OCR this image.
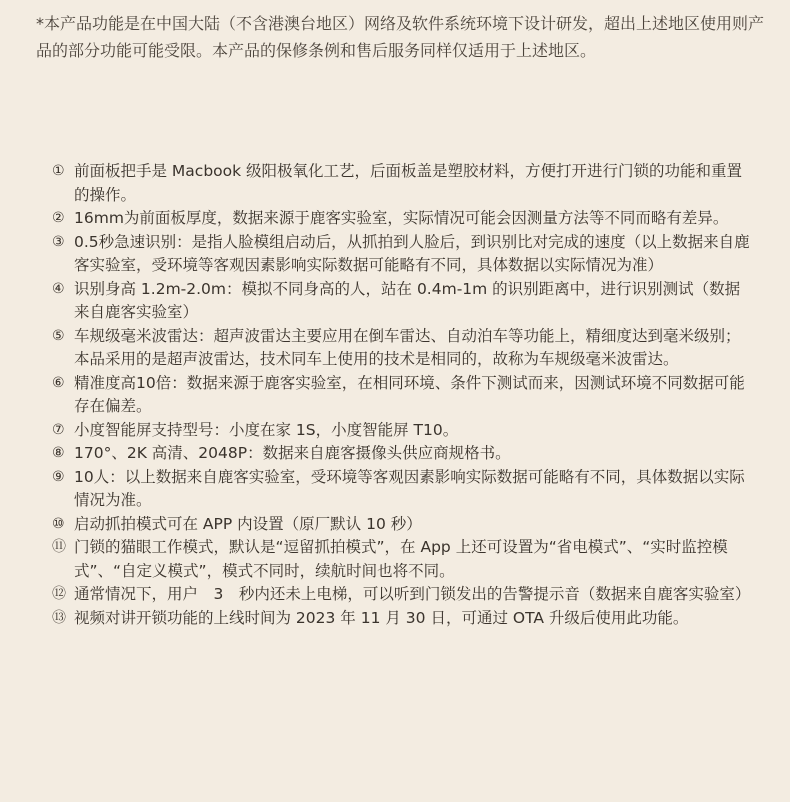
*本产品功能是在中国大陆（不含港澳台地区）网络及软件系统环境下设计研发，超出上述地区使用则产品的部分功能可能受限。本产品的保修条例和售后服务同样仅适用于上述地区。
① 前面板把手是 Macbook 级阳极氧化工艺，后面板盖是塑胶材料，方便打开进行门锁的功能和重置的操作。
② 16mm为前面板厚度，数据来源于鹿客实验室，实际情况可能会因测量方法等不同而略有差异。
③ 0.5秒急速识别：是指人脸模组启动后，从抓拍到人脸后，到识别比对完成的速度（以上数据来自鹿客实验室，受环境等客观因素影响实际数据可能略有不同，具体数据以实际情况为准）
④ 识别身高 1.2m-2.0m：模拟不同身高的人，站在 0.4m-1m 的识别距离中，进行识别测试（数据来自鹿客实验室）
⑤ 车规级毫米波雷达：超声波雷达主要应用在倒车雷达、自动泊车等功能上，精细度达到毫米级别；本品采用的是超声波雷达，技术同车上使用的技术是相同的，故称为车规级毫米波雷达。
⑥ 精准度高10倍：数据来源于鹿客实验室，在相同环境、条件下测试而来，因测试环境不同数据可能存在偏差。
⑦ 小度智能屏支持型号：小度在家 1S，小度智能屏 T10。
⑧ 170°、2K 高清、2048P：数据来自鹿客摄像头供应商规格书。
⑨ 10人：以上数据来自鹿客实验室，受环境等客观因素影响实际数据可能略有不同，具体数据以实际情况为准。
⑩ 启动抓拍模式可在 APP 内设置（原厂默认 10 秒）
⑪ 门锁的猫眼工作模式，默认是“逗留抓拍模式”，在 App 上还可设置为“省电模式”、“实时监控模式”、“自定义模式”，模式不同时，续航时间也将不同。
⑫ 通常情况下，用户　3　秒内还未上电梯，可以听到门锁发出的告警提示音（数据来自鹿客实验室）
⑬ 视频对讲开锁功能的上线时间为 2023 年 11 月 30 日，可通过 OTA 升级后使用此功能。
